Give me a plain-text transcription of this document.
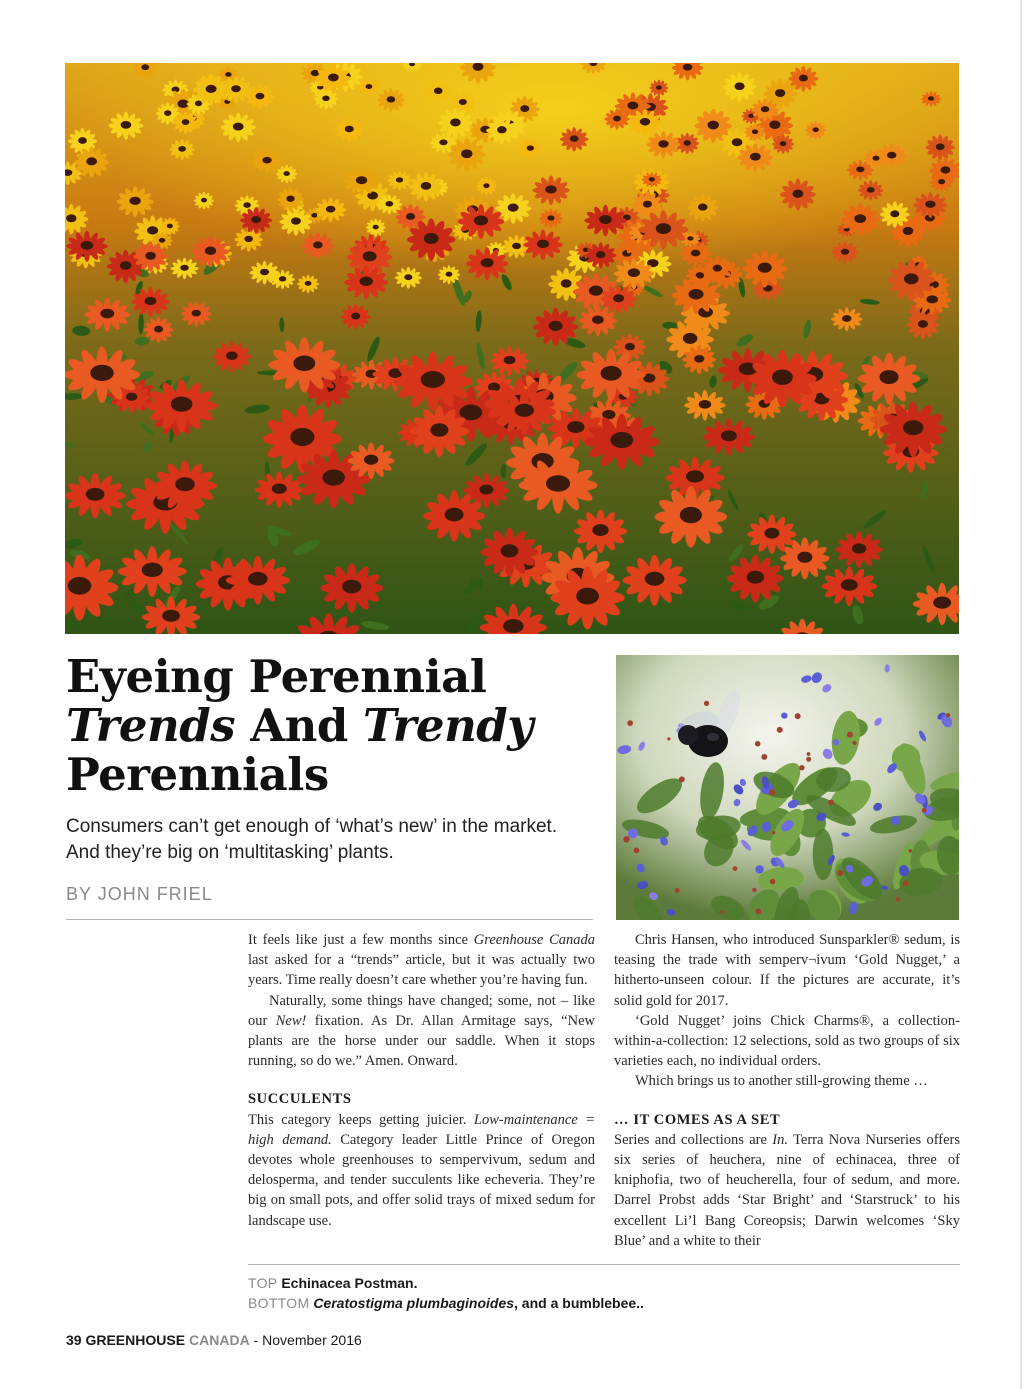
Eyeing Perennial
Trends And Trendy
Perennials

Consumers can’t get enough of ‘what’s new’ in the market. And they’re big on ‘multitasking’ plants.

BY JOHN FRIEL

It feels like just a few months since Greenhouse Canada last asked for a “trends” article, but it was actually two years. Time really doesn’t care whether you’re having fun.

Naturally, some things have changed; some, not – like our New! fixation. As Dr. Allan Armitage says, “New plants are the horse under our saddle. When it stops running, so do we.” Amen. Onward.

SUCCULENTS

This category keeps getting juicier. Low-maintenance = high demand. Category leader Little Prince of Oregon devotes whole greenhouses to sempervivum, sedum and delosperma, and tender succulents like echeveria. They’re big on small pots, and offer solid trays of mixed sedum for landscape use.

Chris Hansen, who introduced Sunsparkler® sedum, is teasing the trade with semperv¬ivum ‘Gold Nugget,’ a hitherto-unseen colour. If the pictures are accurate, it’s solid gold for 2017.

‘Gold Nugget’ joins Chick Charms®, a collection-within-a-collection: 12 selections, sold as two groups of six varieties each, no individual orders.

Which brings us to another still-growing theme …

… IT COMES AS A SET

Series and collections are In. Terra Nova Nurseries offers six series of heuchera, nine of echinacea, three of kniphofia, two of heucherella, four of sedum, and more. Darrel Probst adds ‘Star Bright’ and ‘Starstruck’ to his excellent Li’l Bang Coreopsis; Darwin welcomes ‘Sky Blue’ and a white to their

TOP Echinacea Postman.
BOTTOM Ceratostigma plumbaginoides, and a bumblebee..
39 GREENHOUSE CANADA - November 2016
